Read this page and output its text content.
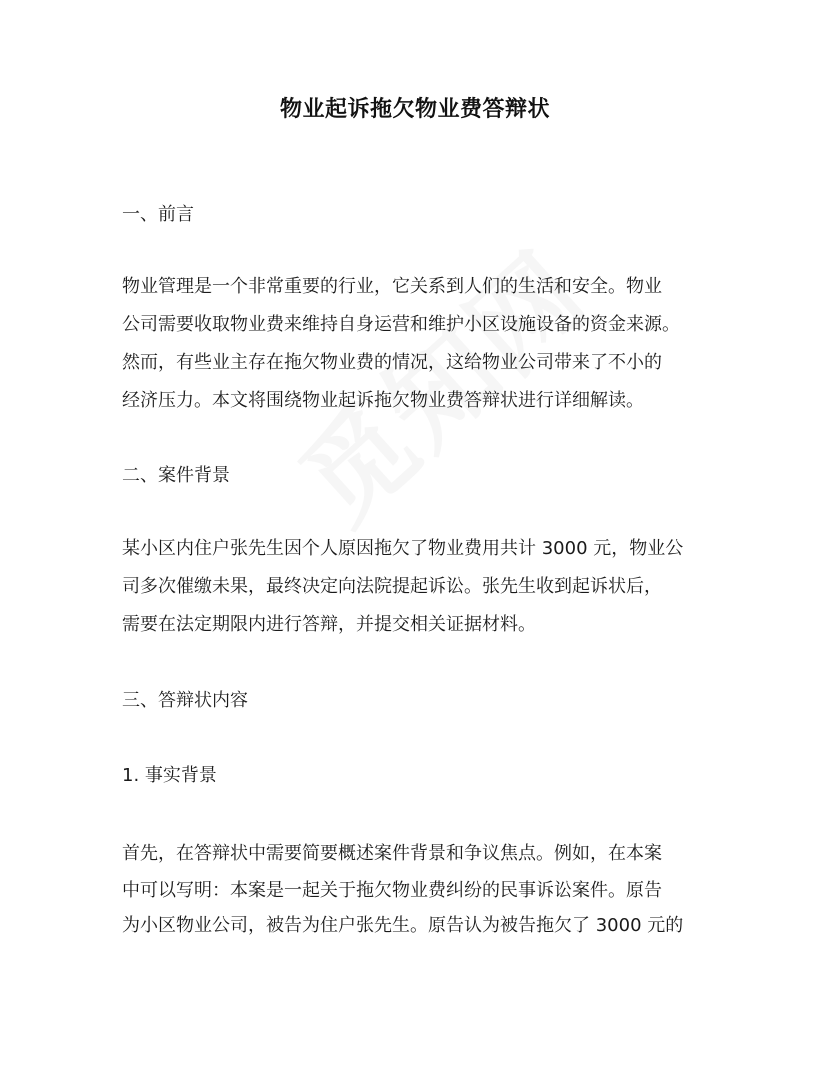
物业起诉拖欠物业费答辩状
一、前言
物业管理是一个非常重要的行业，它关系到人们的生活和安全。物业
公司需要收取物业费来维持自身运营和维护小区设施设备的资金来源。
然而，有些业主存在拖欠物业费的情况，这给物业公司带来了不小的
经济压力。本文将围绕物业起诉拖欠物业费答辩状进行详细解读。
二、案件背景
某小区内住户张先生因个人原因拖欠了物业费用共计 3000 元，物业公
司多次催缴未果，最终决定向法院提起诉讼。张先生收到起诉状后，
需要在法定期限内进行答辩，并提交相关证据材料。
三、答辩状内容
1. 事实背景
首先，在答辩状中需要简要概述案件背景和争议焦点。例如，在本案
中可以写明：本案是一起关于拖欠物业费纠纷的民事诉讼案件。原告
为小区物业公司，被告为住户张先生。原告认为被告拖欠了 3000 元的
